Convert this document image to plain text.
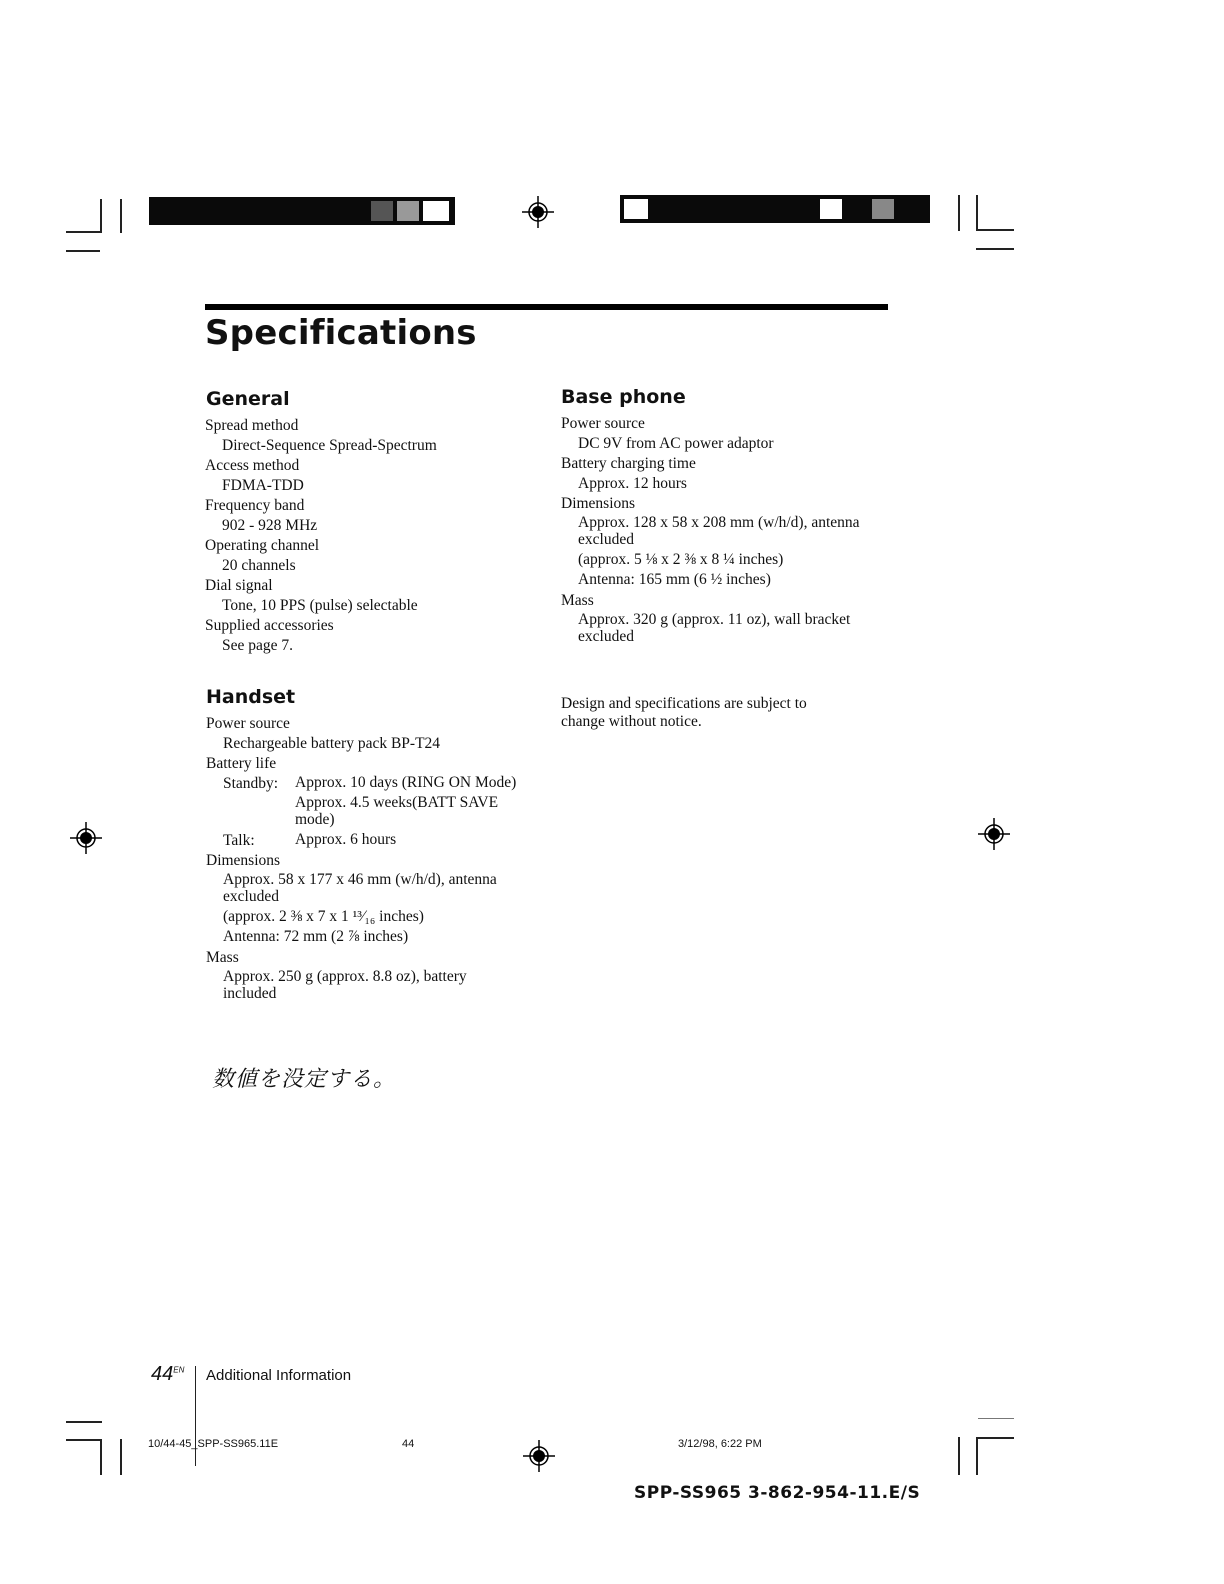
Specifications
General

Spread method

Direct-Sequence Spread-Spectrum

Access method

FDMA-TDD

Frequency band

902 - 928 MHz

Operating channel

20 channels

Dial signal

Tone, 10 PPS (pulse) selectable

Supplied accessories

See page 7.

Handset

Power source

Rechargeable battery pack BP-T24

Battery life

Standby:	Approx. 10 days (RING ON Mode)
Approx. 4.5 weeks(BATT SAVE mode)
Talk:	Approx. 6 hours

Dimensions

Approx. 58 x 177 x 46 mm (w/h/d), antenna excluded

(approx. 2 ⅜ x 7 x 1 ¹³⁄₁₆ inches)

Antenna: 72 mm (2 ⅞ inches)

Mass

Approx. 250 g (approx. 8.8 oz), battery included

Base phone

Power source

DC 9V from AC power adaptor

Battery charging time

Approx. 12 hours

Dimensions

Approx. 128 x 58 x 208 mm (w/h/d), antenna excluded

(approx. 5 ⅛ x 2 ⅜ x 8 ¼ inches)

Antenna: 165 mm (6 ½ inches)

Mass

Approx. 320 g (approx. 11 oz), wall bracket excluded

Design and specifications are subject to change without notice.
数値を没定する。
$44^{EN}$ Additional Information
10/44-45_SPP-SS965.11E	44	3/12/98, 6:22 PM
SPP-SS965 3-862-954-11.E/S
